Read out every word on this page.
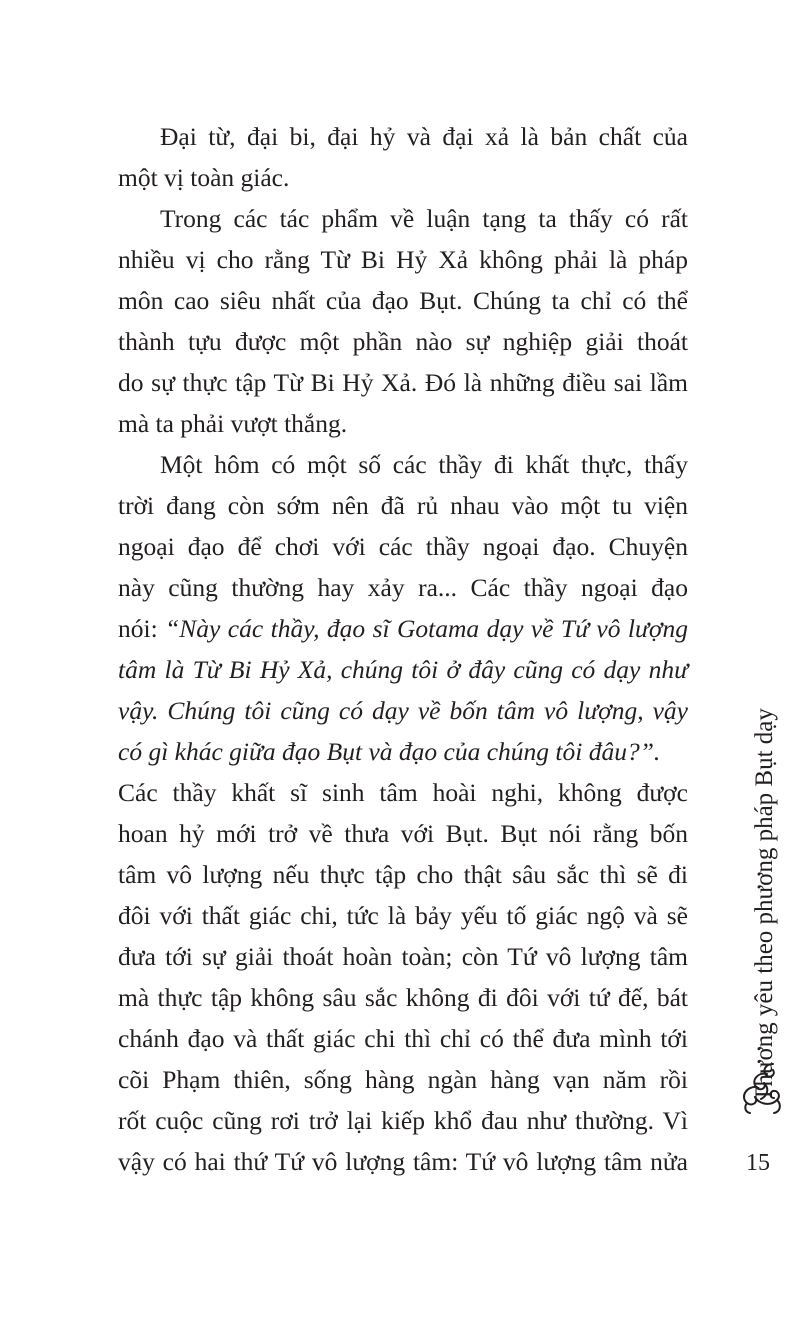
Đại từ, đại bi, đại hỷ và đại xả là bản chất của
một vị toàn giác.
Trong các tác phẩm về luận tạng ta thấy có rất
nhiều vị cho rằng Từ Bi Hỷ Xả không phải là pháp
môn cao siêu nhất của đạo Bụt. Chúng ta chỉ có thể
thành tựu được một phần nào sự nghiệp giải thoát
do sự thực tập Từ Bi Hỷ Xả. Đó là những điều sai lầm
mà ta phải vượt thắng.
Một hôm có một số các thầy đi khất thực, thấy
trời đang còn sớm nên đã rủ nhau vào một tu viện
ngoại đạo để chơi với các thầy ngoại đạo. Chuyện
này cũng thường hay xảy ra... Các thầy ngoại đạo
nói: “Này các thầy, đạo sĩ Gotama dạy về Tứ vô lượng
tâm là Từ Bi Hỷ Xả, chúng tôi ở đây cũng có dạy như
vậy. Chúng tôi cũng có dạy về bốn tâm vô lượng, vậy
có gì khác giữa đạo Bụt và đạo của chúng tôi đâu?”.
Các thầy khất sĩ sinh tâm hoài nghi, không được
hoan hỷ mới trở về thưa với Bụt. Bụt nói rằng bốn
tâm vô lượng nếu thực tập cho thật sâu sắc thì sẽ đi
đôi với thất giác chi, tức là bảy yếu tố giác ngộ và sẽ
đưa tới sự giải thoát hoàn toàn; còn Tứ vô lượng tâm
mà thực tập không sâu sắc không đi đôi với tứ đế, bát
chánh đạo và thất giác chi thì chỉ có thể đưa mình tới
cõi Phạm thiên, sống hàng ngàn hàng vạn năm rồi
rốt cuộc cũng rơi trở lại kiếp khổ đau như thường. Vì
vậy có hai thứ Tứ vô lượng tâm: Tứ vô lượng tâm nửa
Thương yêu theo phương pháp Bụt dạy
15
